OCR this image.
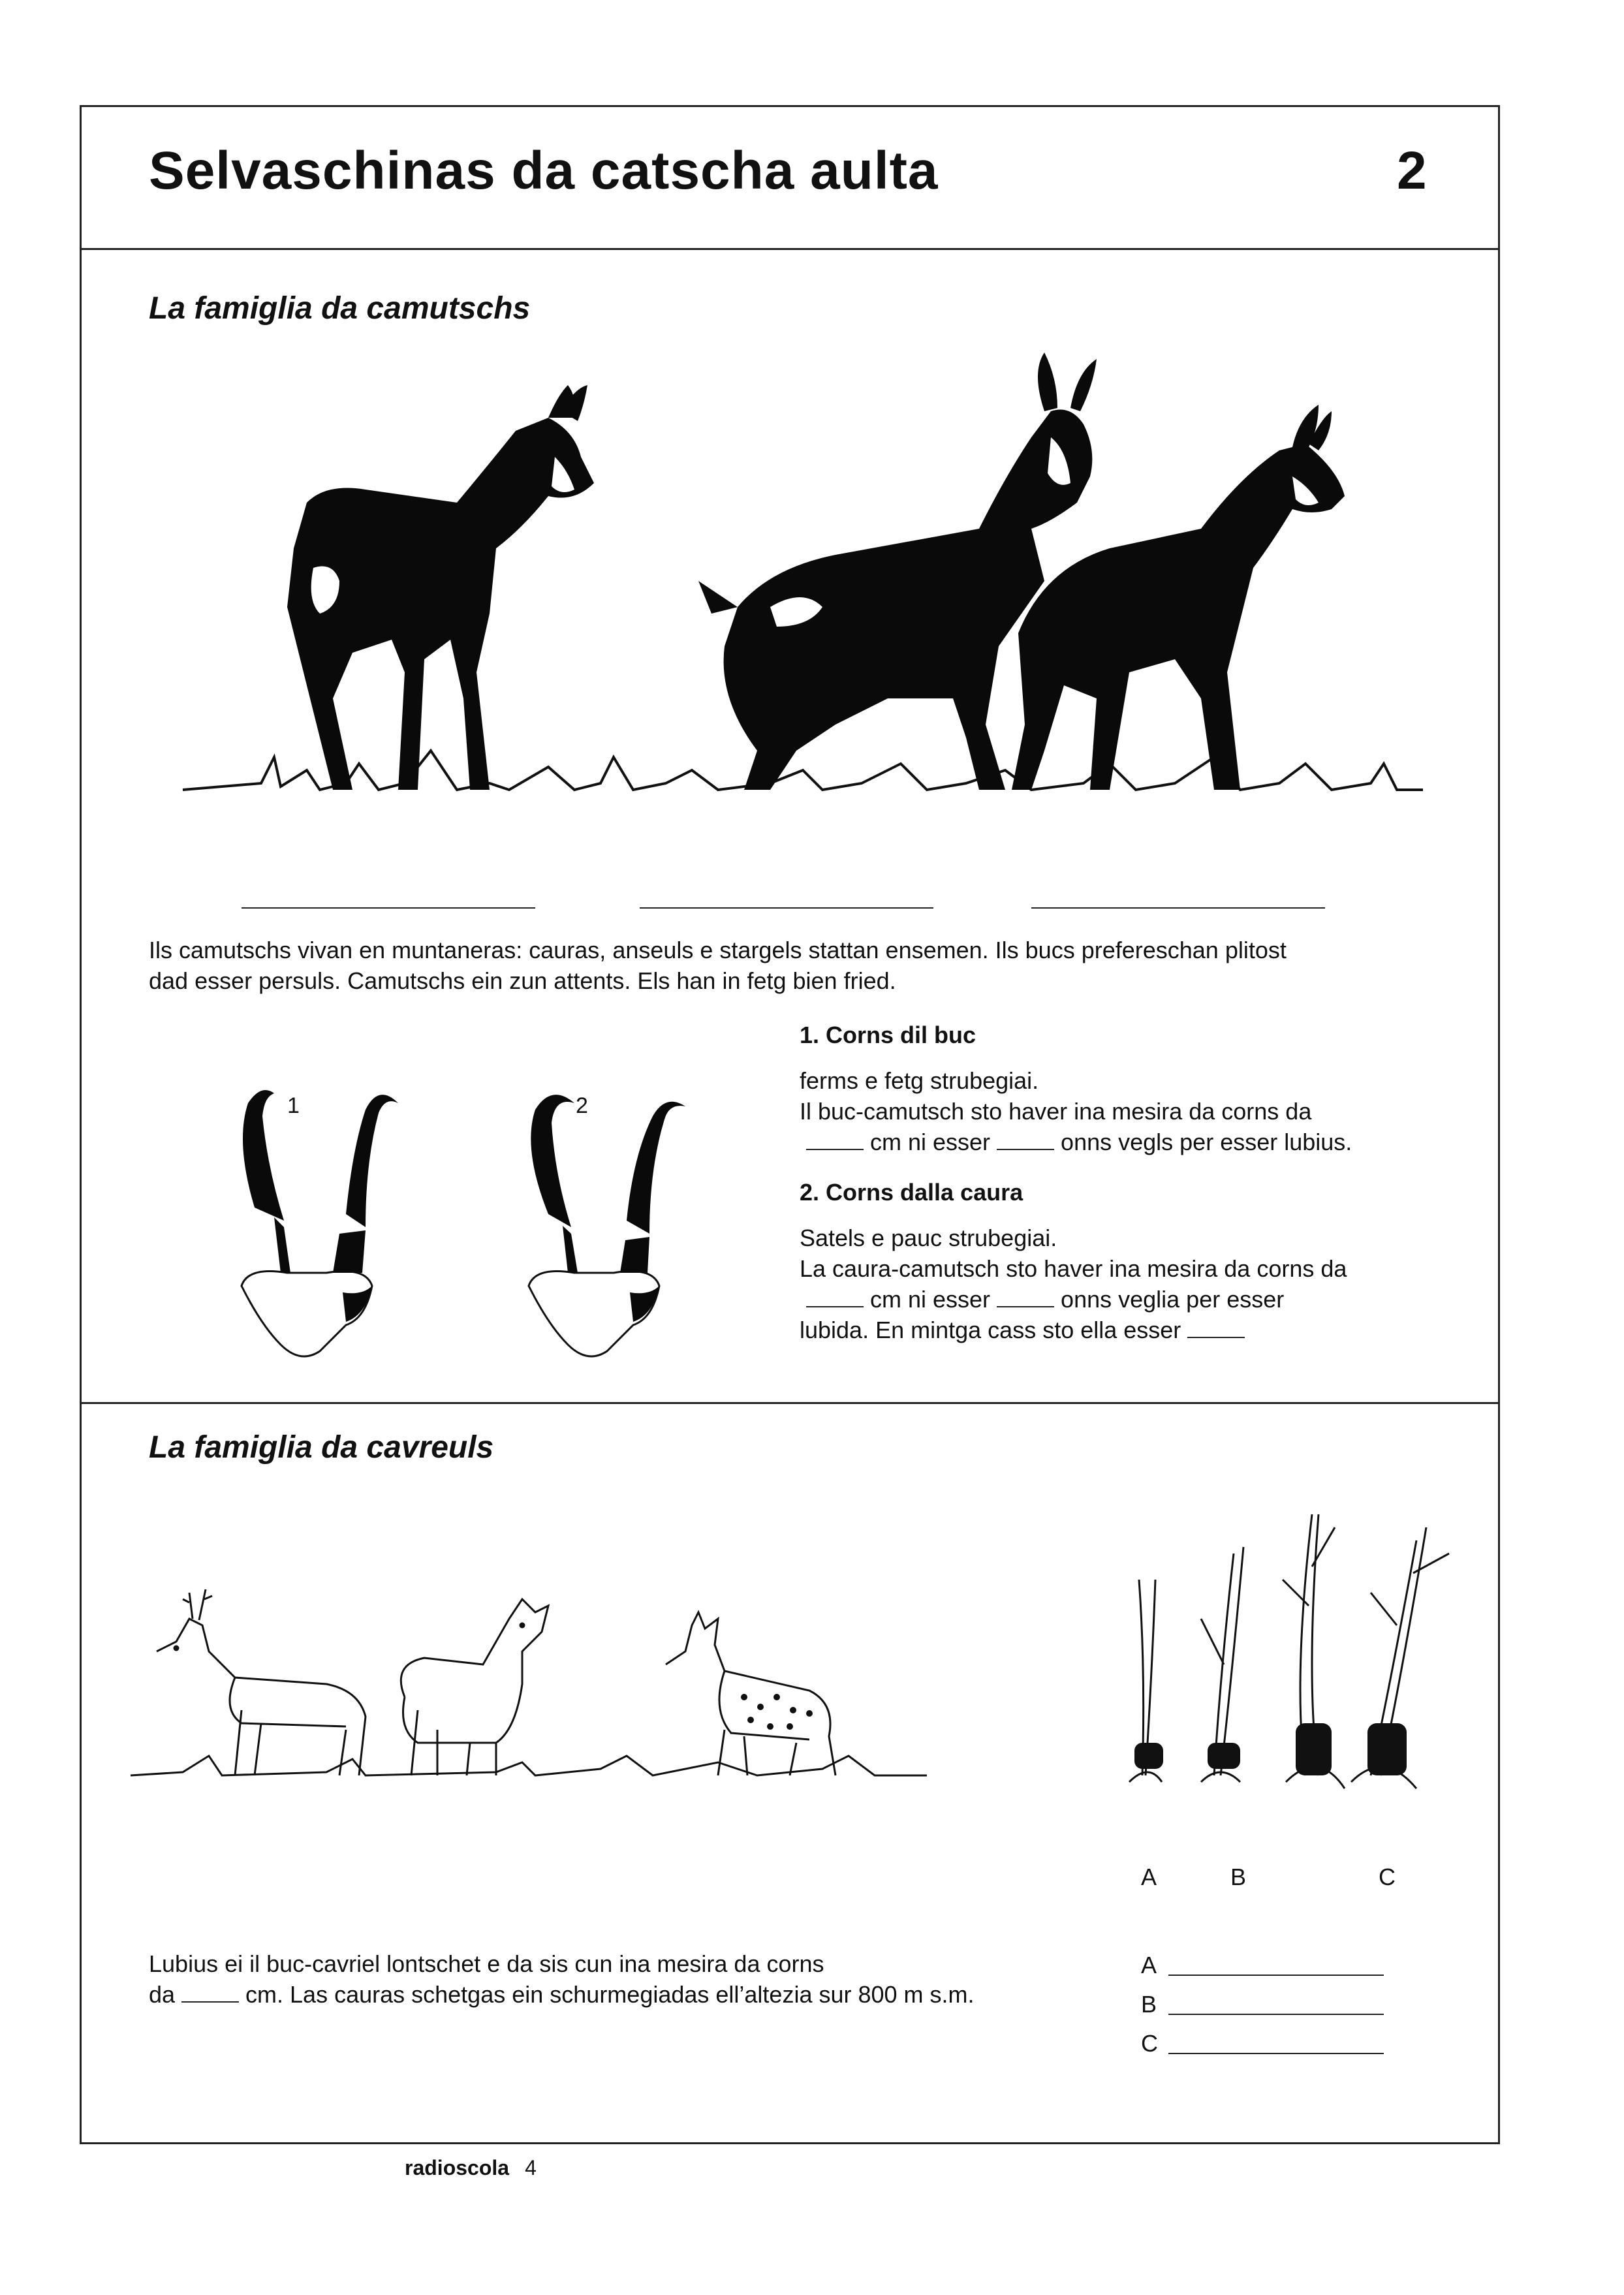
Selvaschinas da catscha aulta	2
La famiglia da camutschs
Ils camutschs vivan en muntaneras: cauras, anseuls e stargels stattan ensemen. Ils bucs prefereschan plitost
dad esser persuls. Camutschs ein zun attents. Els han in fetg bien fried.
1	2
1. Corns dil buc
ferms e fetg strubegiai.
Il buc-camutsch sto haver ina mesira da corns da
cm ni esser	onns vegls per esser lubius.
2. Corns dalla caura
Satels e pauc strubegiai.
La caura-camutsch sto haver ina mesira da corns da
cm ni esser	onns veglia per esser
lubida. En mintga cass sto ella esser
La famiglia da cavreuls
A	B	C
Lubius ei il buc-cavriel lontschet e da sis cun ina mesira da corns
da	cm. Las cauras schetgas ein schurmegiadas ell’altezia sur 800 m s.m.
A
B
C
radioscola 4
